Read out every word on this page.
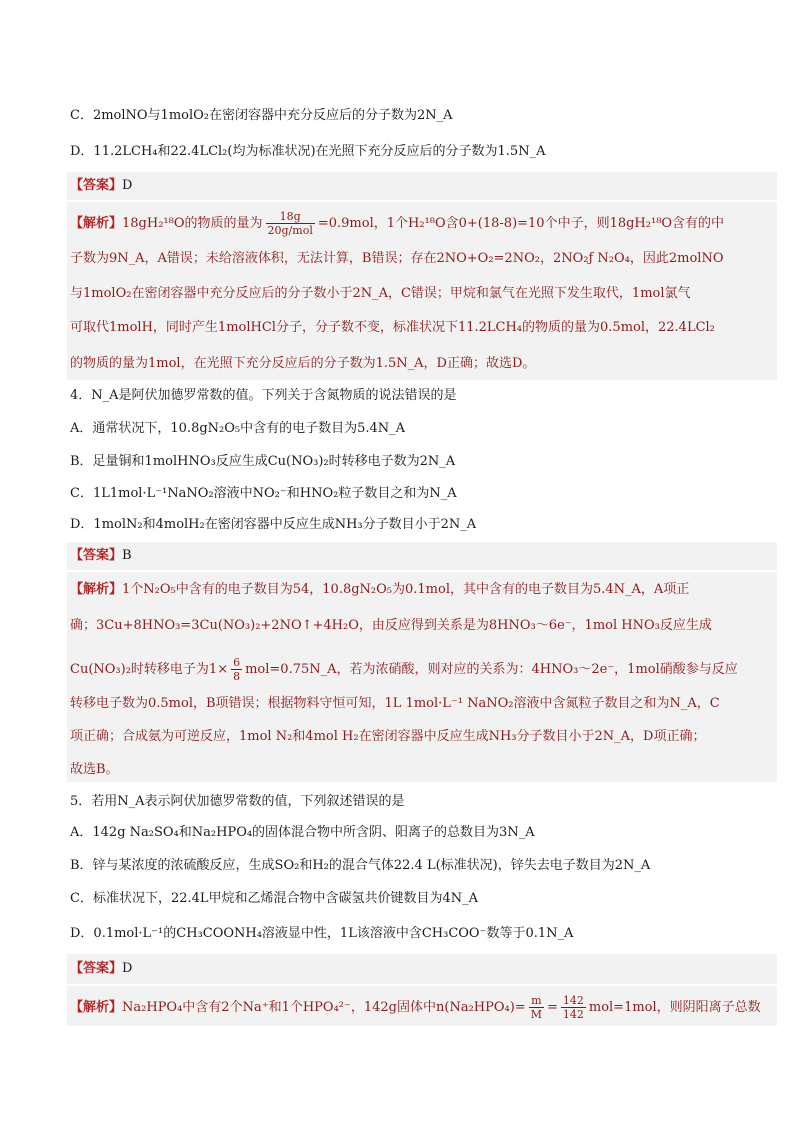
C．2molNO与1molO₂在密闭容器中充分反应后的分子数为2N_A
D．11.2LCH₄和22.4LCl₂(均为标准状况)在光照下充分反应后的分子数为1.5N_A
【答案】D
【解析】18gH₂¹⁸O的物质的量为 $\frac{18g}{\text{20g/mol}} =0.9mol$，1个H₂¹⁸O含0+(18-8)=10个中子，则18gH₂¹⁸O含有的中
子数为9N_A，A错误；未给溶液体积，无法计算，B错误；存在2NO+O₂=2NO₂，2NO₂ƒ N₂O₄，因此2molNO
与1molO₂在密闭容器中充分反应后的分子数小于2N_A，C错误；甲烷和氯气在光照下发生取代，1mol氯气
可取代1molH，同时产生1molHCl分子，分子数不变，标准状况下11.2LCH₄的物质的量为0.5mol，22.4LCl₂
的物质的量为1mol，在光照下充分反应后的分子数为1.5N_A，D正确；故选D。
4．N_A是阿伏加德罗常数的值。下列关于含氮物质的说法错误的是
A．通常状况下，10.8gN₂O₅中含有的电子数目为5.4N_A
B．足量铜和1molHNO₃反应生成Cu(NO₃)₂时转移电子数为2N_A
C．1L1mol·L⁻¹NaNO₂溶液中NO₂⁻和HNO₂粒子数目之和为N_A
D．1molN₂和4molH₂在密闭容器中反应生成NH₃分子数目小于2N_A
【答案】B
【解析】1个N₂O₅中含有的电子数目为54，10.8gN₂O₅为0.1mol，其中含有的电子数目为5.4N_A，A项正
确；3Cu+8HNO₃=3Cu(NO₃)₂+2NO↑+4H₂O，由反应得到关系是为8HNO₃～6e⁻，1mol HNO₃反应生成
Cu(NO₃)₂时转移电子为$1\times \frac{6}{8}$ mol=0.75N_A，若为浓硝酸，则对应的关系为：4HNO₃～2e⁻，1mol硝酸参与反应
转移电子数为0.5mol，B项错误；根据物料守恒可知，1L 1mol·L⁻¹ NaNO₂溶液中含氮粒子数目之和为N_A，C
项正确；合成氨为可逆反应，1mol N₂和4mol H₂在密闭容器中反应生成NH₃分子数目小于2N_A，D项正确；
故选B。
5．若用N_A表示阿伏加德罗常数的值，下列叙述错误的是
A．142g Na₂SO₄和Na₂HPO₄的固体混合物中所含阴、阳离子的总数目为3N_A
B．锌与某浓度的浓硫酸反应，生成SO₂和H₂的混合气体22.4 L(标准状况)，锌失去电子数目为2N_A
C．标准状况下，22.4L甲烷和乙烯混合物中含碳氢共价键数目为4N_A
D．0.1mol·L⁻¹的CH₃COONH₄溶液显中性，1L该溶液中含CH₃COO⁻数等于0.1N_A
【答案】D
【解析】Na₂HPO₄中含有2个Na⁺和1个HPO₄²⁻，142g固体中$n(Na_2HPO_4)= \frac{m}{M} = \frac{142}{142} mol=1mol$，则阴阳离子总数
